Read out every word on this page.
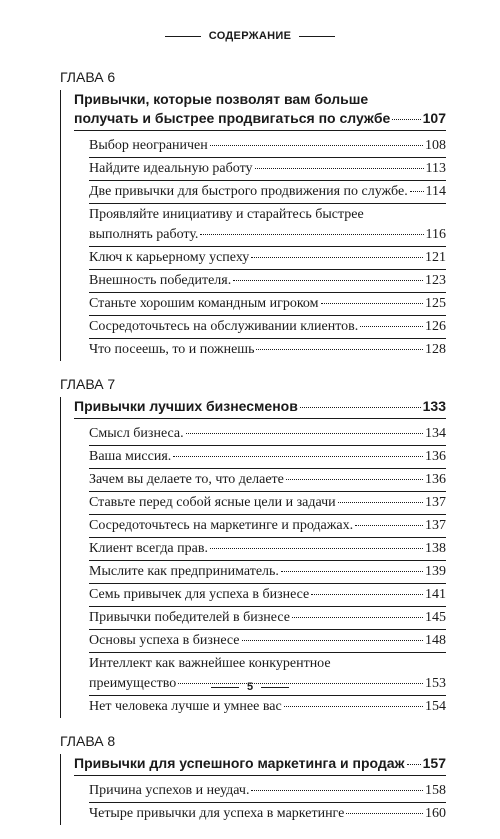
СОДЕРЖАНИЕ
ГЛАВА 6
Привычки, которые позволят вам больше
получать и быстрее продвигаться по службе 107
Выбор неограничен	108
Найдите идеальную работу	113
Две привычки для быстрого продвижения по службе. 114
Проявляйте инициативу и старайтесь быстрее
выполнять работу.	116
Ключ к карьерному успеху	121
Внешность победителя.	123
Станьте хорошим командным игроком	125
Сосредоточьтесь на обслуживании клиентов.	126
Что посеешь, то и пожнешь	128
ГЛАВА 7
Привычки лучших бизнесменов	133
Смысл бизнеса.	134
Ваша миссия.	136
Зачем вы делаете то, что делаете	136
Ставьте перед собой ясные цели и задачи	137
Сосредоточьтесь на маркетинге и продажах.	137
Клиент всегда прав.	138
Мыслите как предприниматель.	139
Семь привычек для успеха в бизнесе	141
Привычки победителей в бизнесе	145
Основы успеха в бизнесе	148
Интеллект как важнейшее конкурентное
преимущество	153
Нет человека лучше и умнее вас	154
ГЛАВА 8
Привычки для успешного маркетинга и продаж 157
Причина успехов и неудач.	158
Четыре привычки для успеха в маркетинге	160
5
